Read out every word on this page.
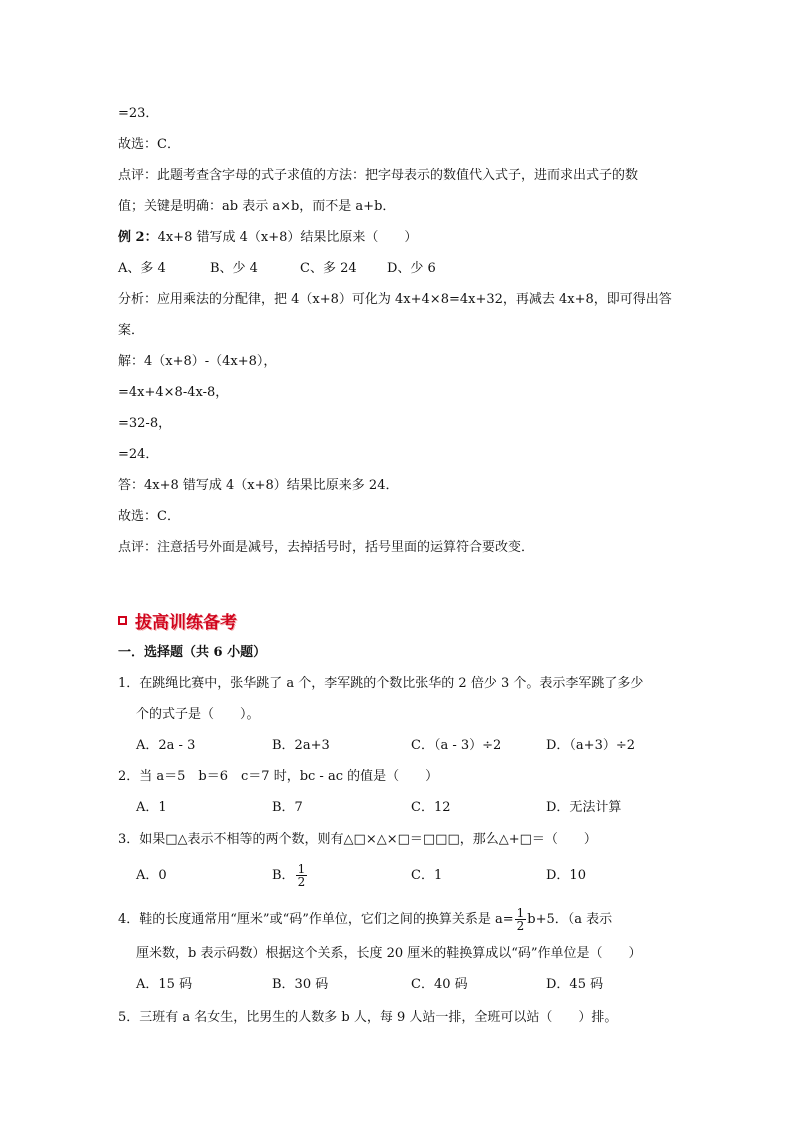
=23．
故选：C．
点评：此题考查含字母的式子求值的方法：把字母表示的数值代入式子，进而求出式子的数
值；关键是明确：ab 表示 a×b，而不是 a+b．
例 2：4x+8 错写成 4（x+8）结果比原来（　　）
A、多 4	B、少 4	C、多 24 D、少 6
分析：应用乘法的分配律，把 4（x+8）可化为 4x+4×8=4x+32，再减去 4x+8，即可得出答
案．
解：4（x+8）-（4x+8），
=4x+4×8-4x-8，
=32-8，
=24．
答：4x+8 错写成 4（x+8）结果比原来多 24．
故选：C．
点评：注意括号外面是减号，去掉括号时，括号里面的运算符合要改变．
拔高训练备考
一．选择题（共 6 小题）
1．在跳绳比赛中，张华跳了 a 个，李军跳的个数比张华的 2 倍少 3 个。表示李军跳了多少
个的式子是（　　）。
A．2a - 3	B．2a+3	C．（a - 3）÷2	D．（a+3）÷2
2．当 a＝5　b＝6　c＝7 时，bc - ac 的值是（　　）
A．1	B．7	C．12	D．无法计算
3．如果□△表示不相等的两个数，则有△□×△×□＝□□□，那么△+□＝（　　）
A．0	B． $\frac{1}{2}$	C．1	D．10
4．鞋的长度通常用“厘米”或“码”作单位，它们之间的换算关系是 $a= \frac{1}{2} b+5$．（a 表示
厘米数，b 表示码数）根据这个关系，长度 20 厘米的鞋换算成以“码”作单位是（　　）
A．15 码	B．30 码	C．40 码	D．45 码
5．三班有 a 名女生，比男生的人数多 b 人，每 9 人站一排，全班可以站（　　）排。
